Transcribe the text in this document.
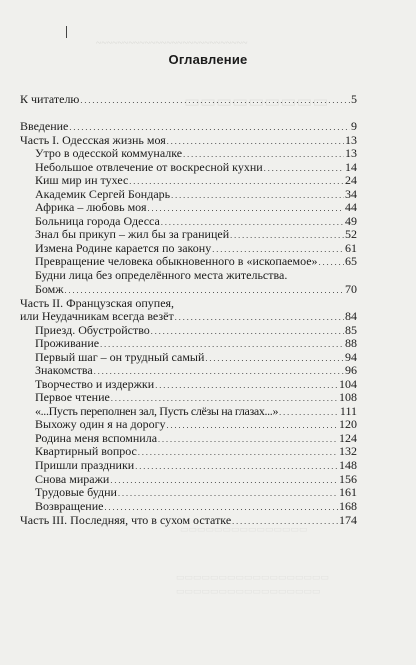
~~~~~~~~~~~~~~~~~~~~~~~~~~~~
▭▭▭▭▭▭▭▭▭
▭▭▭▭▭▭▭▭▭▭▭▭▭▭▭
▭▭▭▭▭▭▭▭▭▭▭▭▭▭▭▭▭▭
▭▭▭▭▭▭▭▭▭▭▭▭▭▭▭▭▭
Оглавление
К читателю . . .	5
Введение . . .	9
Часть I. Одесская жизнь моя . . .	13
Утро в одесской коммуналке . . .	13
Небольшое отвлечение от воскресной кухни . . .	14
Киш мир ин тухес . . .	24
Академик Сергей Бондарь . . .	34
Африка – любовь моя . . .	44
Больница города Одесса . . .	49
Знал бы прикуп – жил бы за границей . . .	52
Измена Родине карается по закону . . .	61
Превращение человека обыкновенного в «ископаемое» . . . 65
Будни лица без определённого места жительства.
Бомж . . .	70
Часть II. Французская опупея,
или Неудачникам всегда везёт . . .	84
Приезд. Обустройство . . .	85
Проживание . . .	88
Первый шаг – он трудный самый . . .	94
Знакомства . . .	96
Творчество и издержки . . .	104
Первое чтение . . .	108
«...Пусть переполнен зал, Пусть слёзы на глазах...» . . .	111
Выхожу один я на дорогу . . .	120
Родина меня вспомнила . . .	124
Квартирный вопрос . . .	132
Пришли праздники . . .	148
Снова миражи . . .	156
Трудовые будни . . .	161
Возвращение . . .	168
Часть III. Последняя, что в сухом остатке . . .	174
